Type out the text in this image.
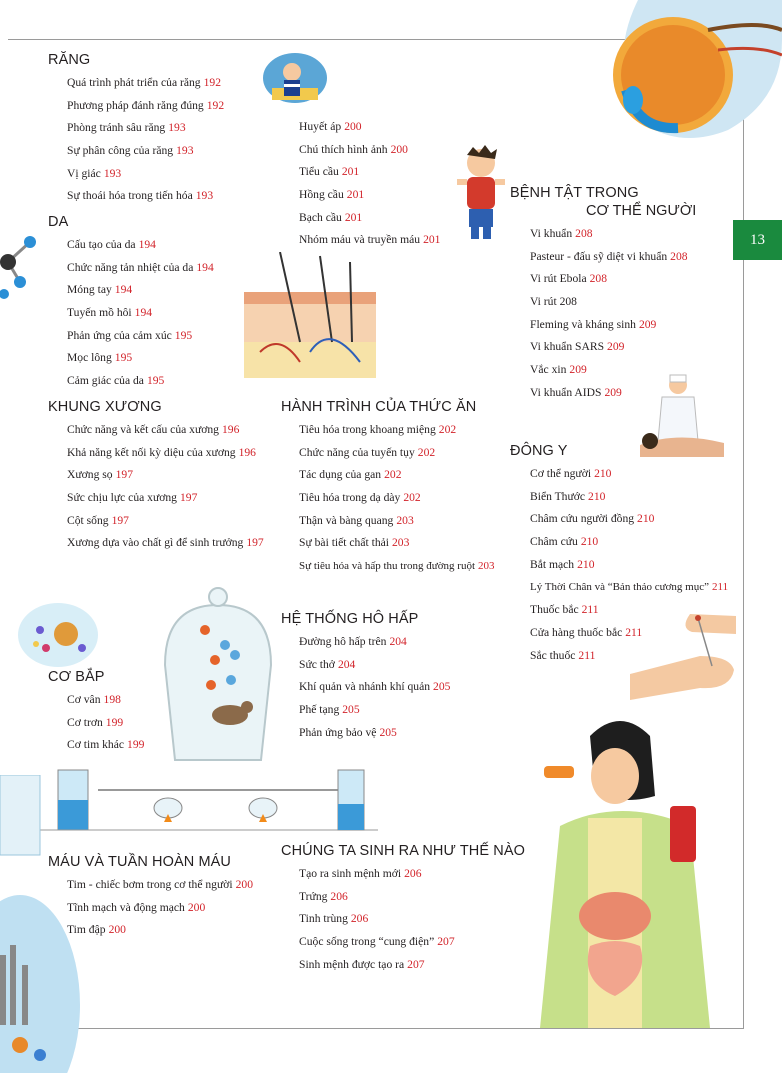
13
RĂNG
Quá trình phát triển của răng 192
Phương pháp đánh răng đúng 192
Phòng tránh sâu răng 193
Sự phân công của răng 193
Vị giác 193
Sự thoái hóa trong tiến hóa 193
DA
Cấu tạo của da 194
Chức năng tản nhiệt của da 194
Móng tay 194
Tuyến mồ hôi 194
Phản ứng của cảm xúc 195
Mọc lông 195
Cảm giác của da 195
Huyết áp 200
Chú thích hình ảnh 200
Tiểu cầu 201
Hồng cầu 201
Bạch cầu 201
Nhóm máu và truyền máu 201
KHUNG XƯƠNG
Chức năng và kết cấu của xương 196
Khả năng kết nối kỳ diệu của xương 196
Xương sọ 197
Sức chịu lực của xương 197
Cột sống 197
Xương dựa vào chất gì để sinh trưởng 197
HÀNH TRÌNH CỦA THỨC ĂN
Tiêu hóa trong khoang miệng 202
Chức năng của tuyến tụy 202
Tác dụng của gan 202
Tiêu hóa trong dạ dày 202
Thận và bàng quang 203
Sự bài tiết chất thải 203
Sự tiêu hóa và hấp thu trong đường ruột 203
BỆNH TẬT TRONG
CƠ THỂ NGƯỜI
Vi khuẩn 208
Pasteur - đấu sỹ diệt vi khuẩn 208
Vi rút Ebola 208
Vi rút 208
Fleming và kháng sinh 209
Vi khuẩn SARS 209
Vắc xin 209
Vi khuẩn AIDS 209
ĐÔNG Y
Cơ thể người 210
Biển Thước 210
Châm cứu người đồng 210
Châm cứu 210
Bắt mạch 210
Lý Thời Chân và “Bản thảo cương mục” 211
Thuốc bắc 211
Cửa hàng thuốc bắc 211
Sắc thuốc 211
HỆ THỐNG HÔ HẤP
Đường hô hấp trên 204
Sức thở 204
Khí quản và nhánh khí quản 205
Phế tạng 205
Phản ứng bảo vệ 205
CƠ BẮP
Cơ vân 198
Cơ trơn 199
Cơ tim khác 199
MÁU VÀ TUẦN HOÀN MÁU
Tim - chiếc bơm trong cơ thể người 200
Tĩnh mạch và động mạch 200
Tim đập 200
CHÚNG TA SINH RA NHƯ THẾ NÀO
Tạo ra sinh mệnh mới 206
Trứng 206
Tinh trùng 206
Cuộc sống trong “cung điện” 207
Sinh mệnh được tạo ra 207
